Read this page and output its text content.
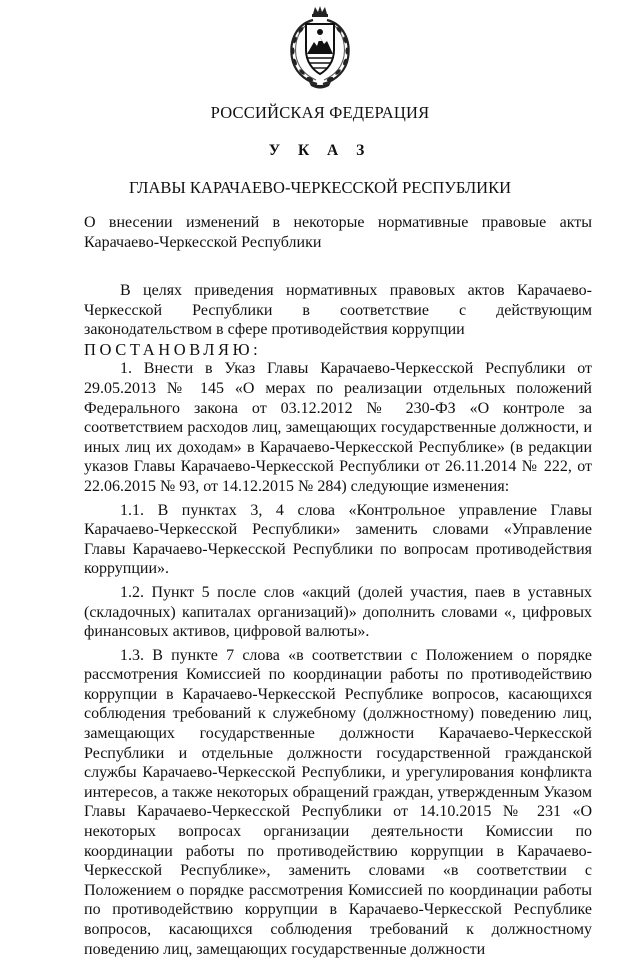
РОССИЙСКАЯ ФЕДЕРАЦИЯ
У К А З
ГЛАВЫ КАРАЧАЕВО-ЧЕРКЕССКОЙ РЕСПУБЛИКИ
О внесении изменений в некоторые нормативные правовые акты Карачаево-Черкесской Республики

В целях приведения нормативных правовых актов Карачаево-Черкесской Республики в соответствие с действующим законодательством в сфере противодействия коррупции

ПОСТАНОВЛЯЮ:

1. Внести в Указ Главы Карачаево-Черкесской Республики от 29.05.2013 № 145 «О мерах по реализации отдельных положений Федерального закона от 03.12.2012 № 230-ФЗ «О контроле за соответствием расходов лиц, замещающих государственные должности, и иных лиц их доходам» в Карачаево-Черкесской Республике» (в редакции указов Главы Карачаево-Черкесской Республики от 26.11.2014 № 222, от 22.06.2015 № 93, от 14.12.2015 № 284) следующие изменения:

1.1. В пунктах 3, 4 слова «Контрольное управление Главы Карачаево-Черкесской Республики» заменить словами «Управление Главы Карачаево-Черкесской Республики по вопросам противодействия коррупции».

1.2. Пункт 5 после слов «акций (долей участия, паев в уставных (складочных) капиталах организаций)» дополнить словами «, цифровых финансовых активов, цифровой валюты».

1.3. В пункте 7 слова «в соответствии с Положением о порядке рассмотрения Комиссией по координации работы по противодействию коррупции в Карачаево-Черкесской Республике вопросов, касающихся соблюдения требований к служебному (должностному) поведению лиц, замещающих государственные должности Карачаево-Черкесской Республики и отдельные должности государственной гражданской службы Карачаево-Черкесской Республики, и урегулирования конфликта интересов, а также некоторых обращений граждан, утвержденным Указом Главы Карачаево-Черкесской Республики от 14.10.2015 № 231 «О некоторых вопросах организации деятельности Комиссии по координации работы по противодействию коррупции в Карачаево-Черкесской Республике», заменить словами «в соответствии с Положением о порядке рассмотрения Комиссией по координации работы по противодействию коррупции в Карачаево-Черкесской Республике вопросов, касающихся соблюдения требований к должностному поведению лиц, замещающих государственные должности
